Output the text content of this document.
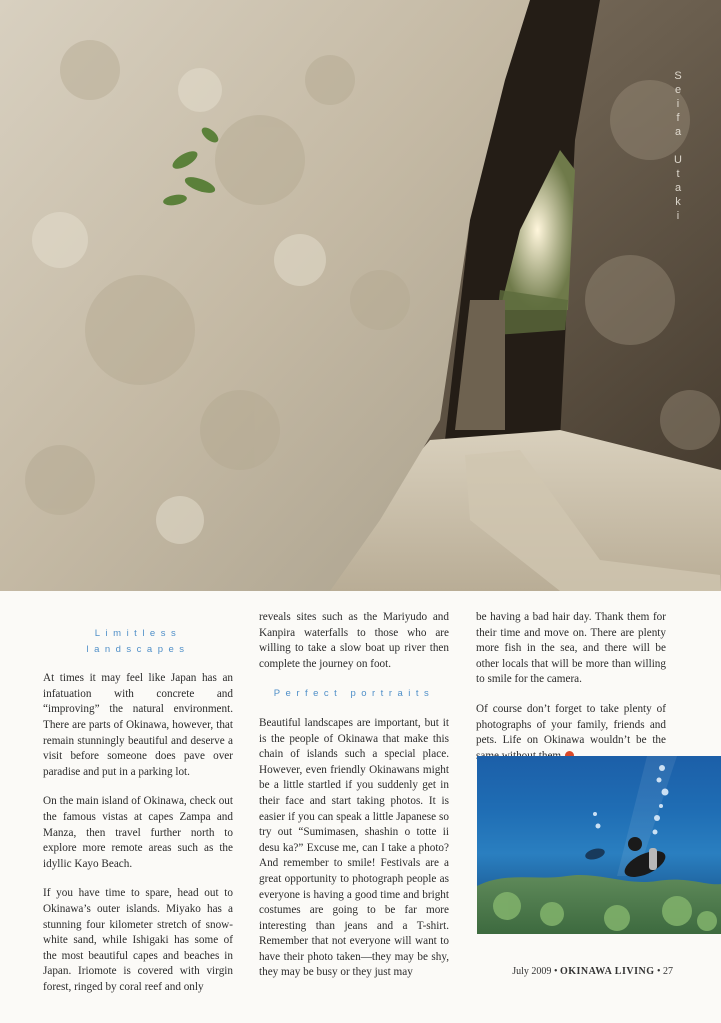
Seifa Utaki
Limitless landscapes

At times it may feel like Japan has an infatuation with concrete and “improving” the natural environment. There are parts of Okinawa, however, that remain stunningly beautiful and deserve a visit before someone does pave over paradise and put in a parking lot.

On the main island of Okinawa, check out the famous vistas at capes Zampa and Manza, then travel further north to explore more remote areas such as the idyllic Kayo Beach.

If you have time to spare, head out to Okinawa’s outer islands. Miyako has a stunning four kilometer stretch of snow-white sand, while Ishigaki has some of the most beautiful capes and beaches in Japan. Iriomote is covered with virgin forest, ringed by coral reef and only

reveals sites such as the Mariyudo and Kanpira waterfalls to those who are willing to take a slow boat up river then complete the journey on foot.

Perfect portraits

Beautiful landscapes are important, but it is the people of Okinawa that make this chain of islands such a special place. However, even friendly Okinawans might be a little startled if you suddenly get in their face and start taking photos. It is easier if you can speak a little Japanese so try out “Sumimasen, shashin o totte ii desu ka?” Excuse me, can I take a photo? And remember to smile! Festivals are a great opportunity to photograph people as everyone is having a good time and bright costumes are going to be far more interesting than jeans and a T-shirt. Remember that not everyone will want to have their photo taken—they may be shy, they may be busy or they just may

be having a bad hair day. Thank them for their time and move on. There are plenty more fish in the sea, and there will be other locals that will be more than willing to smile for the camera.

Of course don’t forget to take plenty of photographs of your family, friends and pets. Life on Okinawa wouldn’t be the

July 2009 • OKINAWA LIVING • 27
